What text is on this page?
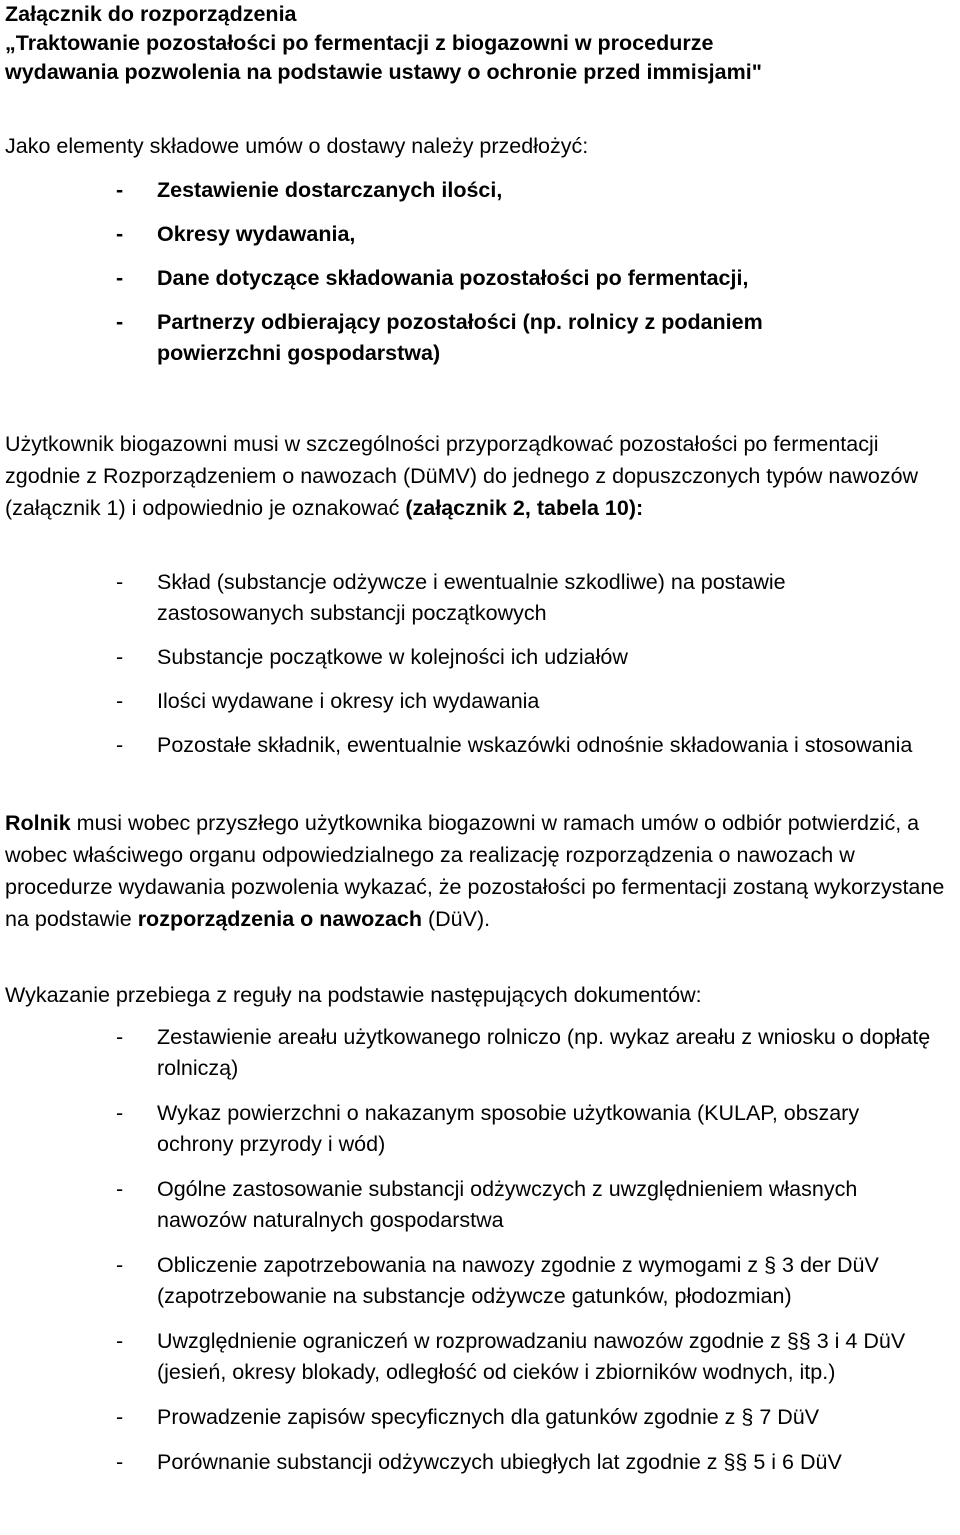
Załącznik do rozporządzenia
„Traktowanie pozostałości po fermentacji z biogazowni w procedurze
wydawania pozwolenia na podstawie ustawy o ochronie przed immisjami"

Jako elementy składowe umów o dostawy należy przedłożyć:

- Zestawienie dostarczanych ilości,
- Okresy wydawania,
- Dane dotyczące składowania pozostałości po fermentacji,
- Partnerzy odbierający pozostałości (np. rolnicy z podaniem powierzchni gospodarstwa)

Użytkownik biogazowni musi w szczególności przyporządkować pozostałości po fermentacji zgodnie z Rozporządzeniem o nawozach (DüMV) do jednego z dopuszczonych typów nawozów (załącznik 1) i odpowiednio je oznakować (załącznik 2, tabela 10):

- Skład (substancje odżywcze i ewentualnie szkodliwe) na postawie zastosowanych substancji początkowych
- Substancje początkowe w kolejności ich udziałów
- Ilości wydawane i okresy ich wydawania
- Pozostałe składnik, ewentualnie wskazówki odnośnie składowania i stosowania

Rolnik musi wobec przyszłego użytkownika biogazowni w ramach umów o odbiór potwierdzić, a wobec właściwego organu odpowiedzialnego za realizację rozporządzenia o nawozach w procedurze wydawania pozwolenia wykazać, że pozostałości po fermentacji zostaną wykorzystane na podstawie rozporządzenia o nawozach (DüV).

Wykazanie przebiega z reguły na podstawie następujących dokumentów:

- Zestawienie areału użytkowanego rolniczo (np. wykaz areału z wniosku o dopłatę rolniczą)
- Wykaz powierzchni o nakazanym sposobie użytkowania (KULAP, obszary ochrony przyrody i wód)
- Ogólne zastosowanie substancji odżywczych z uwzględnieniem własnych nawozów naturalnych gospodarstwa
- Obliczenie zapotrzebowania na nawozy zgodnie z wymogami z § 3 der DüV (zapotrzebowanie na substancje odżywcze gatunków, płodozmian)
- Uwzględnienie ograniczeń w rozprowadzaniu nawozów zgodnie z §§ 3 i 4 DüV (jesień, okresy blokady, odległość od cieków i zbiorników wodnych, itp.)
- Prowadzenie zapisów specyficznych dla gatunków zgodnie z § 7 DüV
- Porównanie substancji odżywczych ubiegłych lat zgodnie z §§ 5 i 6 DüV
